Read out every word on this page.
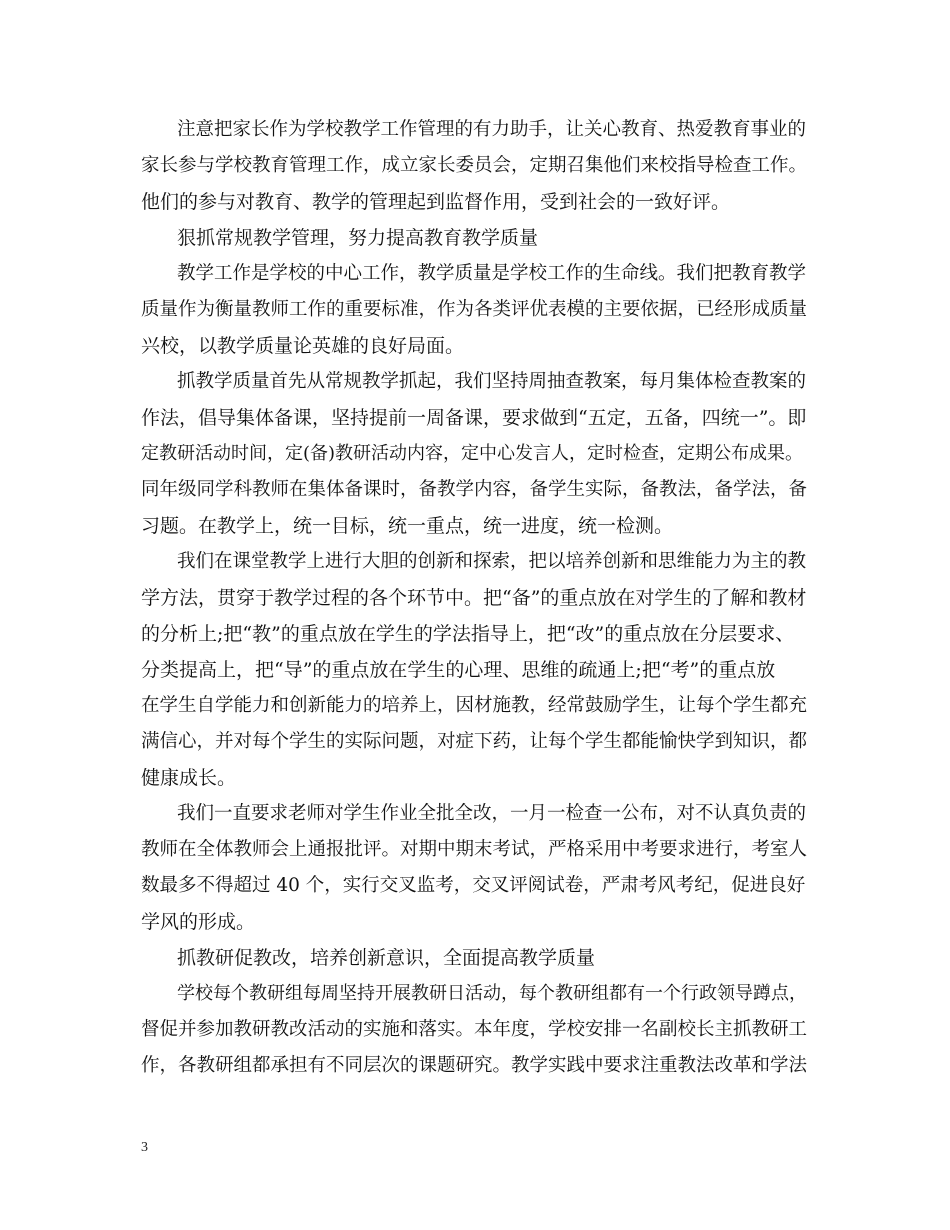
注意把家长作为学校教学工作管理的有力助手，让关心教育、热爱教育事业的

家长参与学校教育管理工作，成立家长委员会，定期召集他们来校指导检查工作。

他们的参与对教育、教学的管理起到监督作用，受到社会的一致好评。

狠抓常规教学管理，努力提高教育教学质量

教学工作是学校的中心工作，教学质量是学校工作的生命线。我们把教育教学

质量作为衡量教师工作的重要标准，作为各类评优表模的主要依据，已经形成质量

兴校，以教学质量论英雄的良好局面。

抓教学质量首先从常规教学抓起，我们坚持周抽查教案，每月集体检查教案的

作法，倡导集体备课，坚持提前一周备课，要求做到“五定，五备，四统一”。即

定教研活动时间，定(备)教研活动内容，定中心发言人，定时检查，定期公布成果。

同年级同学科教师在集体备课时，备教学内容，备学生实际，备教法，备学法，备

习题。在教学上，统一目标，统一重点，统一进度，统一检测。

我们在课堂教学上进行大胆的创新和探索，把以培养创新和思维能力为主的教

学方法，贯穿于教学过程的各个环节中。把“备”的重点放在对学生的了解和教材

的分析上;把“教”的重点放在学生的学法指导上，把“改”的重点放在分层要求、

分类提高上，把“导”的重点放在学生的心理、思维的疏通上;把“考”的重点放

在学生自学能力和创新能力的培养上，因材施教，经常鼓励学生，让每个学生都充

满信心，并对每个学生的实际问题，对症下药，让每个学生都能愉快学到知识，都

健康成长。

我们一直要求老师对学生作业全批全改，一月一检查一公布，对不认真负责的

教师在全体教师会上通报批评。对期中期末考试，严格采用中考要求进行，考室人

数最多不得超过 40 个，实行交叉监考，交叉评阅试卷，严肃考风考纪，促进良好

学风的形成。

抓教研促教改，培养创新意识，全面提高教学质量

学校每个教研组每周坚持开展教研日活动，每个教研组都有一个行政领导蹲点，

督促并参加教研教改活动的实施和落实。本年度，学校安排一名副校长主抓教研工

作，各教研组都承担有不同层次的课题研究。教学实践中要求注重教法改革和学法

3
